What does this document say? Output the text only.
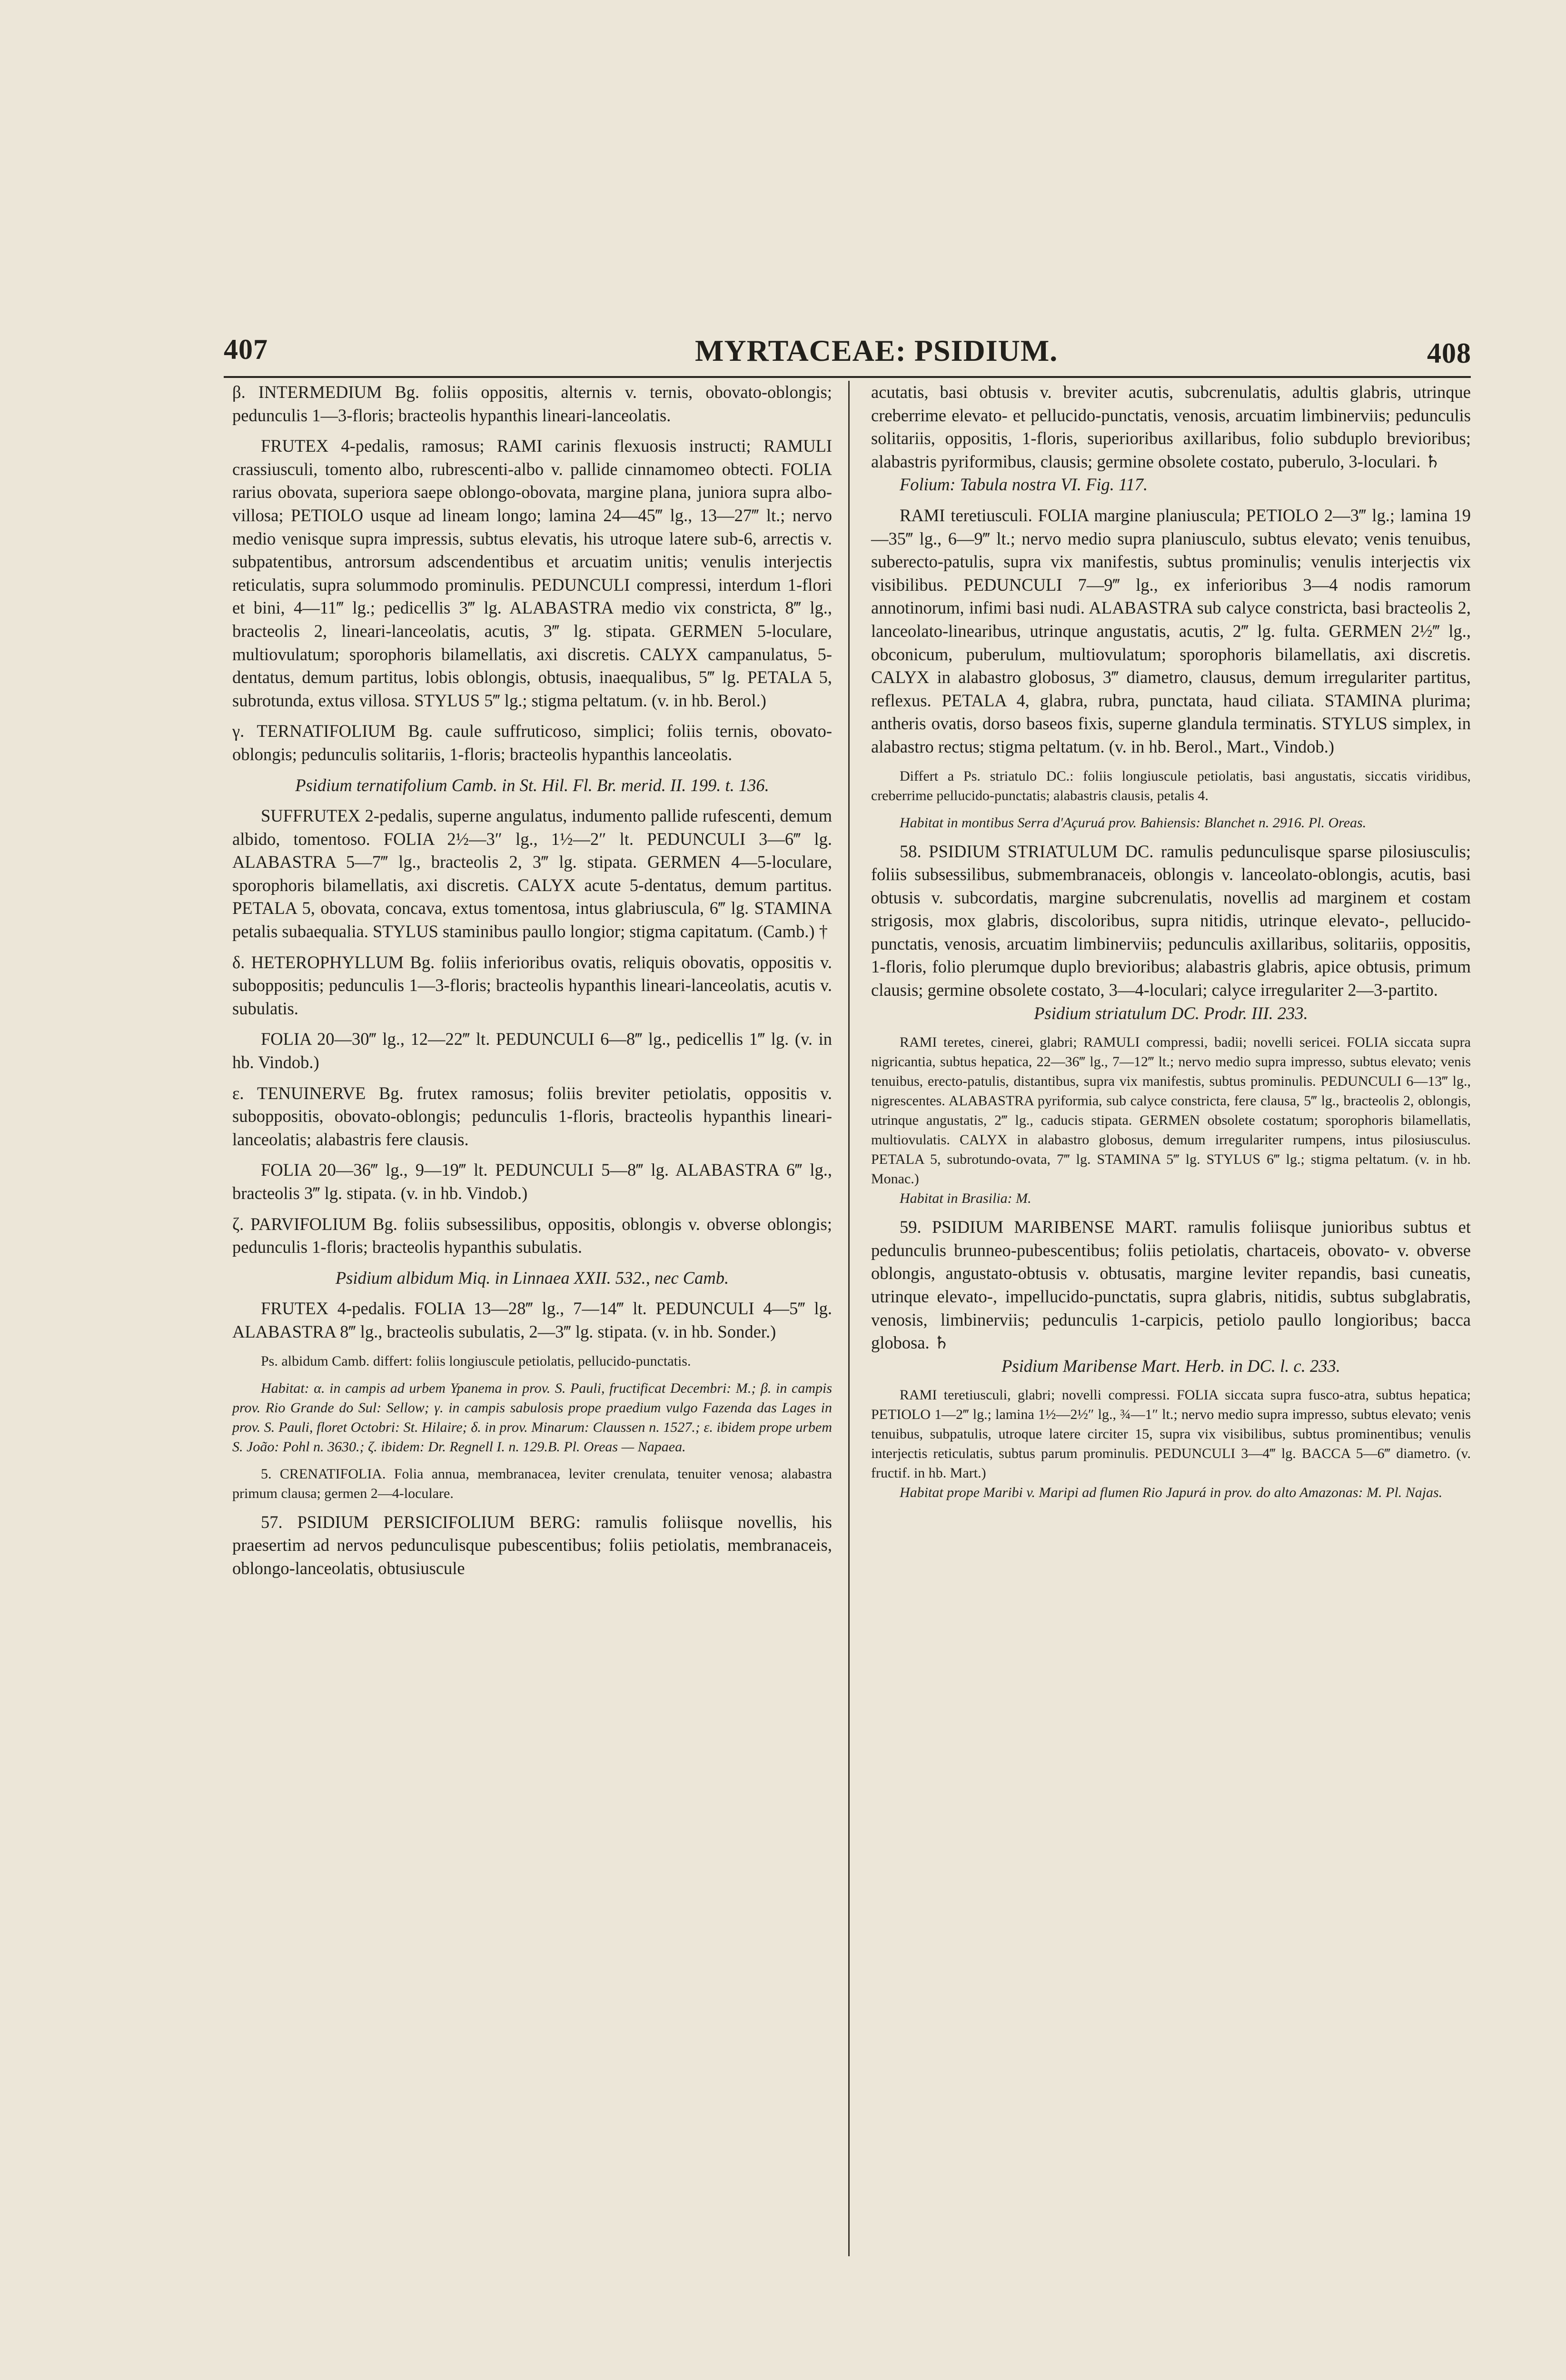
407	MYRTACEAE: PSIDIUM.	408

β. INTERMEDIUM Bg. foliis oppositis, alternis v. ternis, obovato-oblongis; pedunculis 1—3-floris; bracteolis hypanthis lineari-lanceolatis.

FRUTEX 4-pedalis, ramosus; RAMI carinis flexuosis instructi; RAMULI crassiusculi, tomento albo, rubrescenti-albo v. pallide cinnamomeo obtecti. FOLIA rarius obovata, superiora saepe oblongo-obovata, margine plana, juniora supra albo-villosa; PETIOLO usque ad lineam longo; lamina 24—45‴ lg., 13—27‴ lt.; nervo medio venisque supra impressis, subtus elevatis, his utroque latere sub-6, arrectis v. subpatentibus, antrorsum adscendentibus et arcuatim unitis; venulis interjectis reticulatis, supra solummodo prominulis. PEDUNCULI compressi, interdum 1-flori et bini, 4—11‴ lg.; pedicellis 3‴ lg. ALABASTRA medio vix constricta, 8‴ lg., bracteolis 2, lineari-lanceolatis, acutis, 3‴ lg. stipata. GERMEN 5-loculare, multiovulatum; sporophoris bilamellatis, axi discretis. CALYX campanulatus, 5-dentatus, demum partitus, lobis oblongis, obtusis, inaequalibus, 5‴ lg. PETALA 5, subrotunda, extus villosa. STYLUS 5‴ lg.; stigma peltatum. (v. in hb. Berol.)

γ. TERNATIFOLIUM Bg. caule suffruticoso, simplici; foliis ternis, obovato-oblongis; pedunculis solitariis, 1-floris; bracteolis hypanthis lanceolatis.

Psidium ternatifolium Camb. in St. Hil. Fl. Br. merid. II. 199. t. 136.

SUFFRUTEX 2-pedalis, superne angulatus, indumento pallide rufescenti, demum albido, tomentoso. FOLIA 2½—3″ lg., 1½—2″ lt. PEDUNCULI 3—6‴ lg. ALABASTRA 5—7‴ lg., bracteolis 2, 3‴ lg. stipata. GERMEN 4—5-loculare, sporophoris bilamellatis, axi discretis. CALYX acute 5-dentatus, demum partitus. PETALA 5, obovata, concava, extus tomentosa, intus glabriuscula, 6‴ lg. STAMINA petalis subaequalia. STYLUS staminibus paullo longior; stigma capitatum. (Camb.) †

δ. HETEROPHYLLUM Bg. foliis inferioribus ovatis, reliquis obovatis, oppositis v. suboppositis; pedunculis 1—3-floris; bracteolis hypanthis lineari-lanceolatis, acutis v. subulatis.

FOLIA 20—30‴ lg., 12—22‴ lt. PEDUNCULI 6—8‴ lg., pedicellis 1‴ lg. (v. in hb. Vindob.)

ε. TENUINERVE Bg. frutex ramosus; foliis breviter petiolatis, oppositis v. suboppositis, obovato-oblongis; pedunculis 1-floris, bracteolis hypanthis lineari-lanceolatis; alabastris fere clausis.

FOLIA 20—36‴ lg., 9—19‴ lt. PEDUNCULI 5—8‴ lg. ALABASTRA 6‴ lg., bracteolis 3‴ lg. stipata. (v. in hb. Vindob.)

ζ. PARVIFOLIUM Bg. foliis subsessilibus, oppositis, oblongis v. obverse oblongis; pedunculis 1-floris; bracteolis hypanthis subulatis.

Psidium albidum Miq. in Linnaea XXII. 532., nec Camb.

FRUTEX 4-pedalis. FOLIA 13—28‴ lg., 7—14‴ lt. PEDUNCULI 4—5‴ lg. ALABASTRA 8‴ lg., bracteolis subulatis, 2—3‴ lg. stipata. (v. in hb. Sonder.)

Ps. albidum Camb. differt: foliis longiuscule petiolatis, pellucido-punctatis.

Habitat: α. in campis ad urbem Ypanema in prov. S. Pauli, fructificat Decembri: M.; β. in campis prov. Rio Grande do Sul: Sellow; γ. in campis sabulosis prope praedium vulgo Fazenda das Lages in prov. S. Pauli, floret Octobri: St. Hilaire; δ. in prov. Minarum: Claussen n. 1527.; ε. ibidem prope urbem S. João: Pohl n. 3630.; ζ. ibidem: Dr. Regnell I. n. 129.B. Pl. Oreas — Napaea.

5. CRENATIFOLIA. Folia annua, membranacea, leviter crenulata, tenuiter venosa; alabastra primum clausa; germen 2—4-loculare.

57. PSIDIUM PERSICIFOLIUM BERG: ramulis foliisque novellis, his praesertim ad nervos pedunculisque pubescentibus; foliis petiolatis, membranaceis, oblongo-lanceolatis, obtusiuscule

acutatis, basi obtusis v. breviter acutis, subcrenulatis, adultis glabris, utrinque creberrime elevato- et pellucido-punctatis, venosis, arcuatim limbinerviis; pedunculis solitariis, oppositis, 1-floris, superioribus axillaribus, folio subduplo brevioribus; alabastris pyriformibus, clausis; germine obsolete costato, puberulo, 3-loculari. ♄

Folium: Tabula nostra VI. Fig. 117.

RAMI teretiusculi. FOLIA margine planiuscula; PETIOLO 2—3‴ lg.; lamina 19—35‴ lg., 6—9‴ lt.; nervo medio supra planiusculo, subtus elevato; venis tenuibus, suberecto-patulis, supra vix manifestis, subtus prominulis; venulis interjectis vix visibilibus. PEDUNCULI 7—9‴ lg., ex inferioribus 3—4 nodis ramorum annotinorum, infimi basi nudi. ALABASTRA sub calyce constricta, basi bracteolis 2, lanceolato-linearibus, utrinque angustatis, acutis, 2‴ lg. fulta. GERMEN 2½‴ lg., obconicum, puberulum, multiovulatum; sporophoris bilamellatis, axi discretis. CALYX in alabastro globosus, 3‴ diametro, clausus, demum irregulariter partitus, reflexus. PETALA 4, glabra, rubra, punctata, haud ciliata. STAMINA plurima; antheris ovatis, dorso baseos fixis, superne glandula terminatis. STYLUS simplex, in alabastro rectus; stigma peltatum. (v. in hb. Berol., Mart., Vindob.)

Differt a Ps. striatulo DC.: foliis longiuscule petiolatis, basi angustatis, siccatis viridibus, creberrime pellucido-punctatis; alabastris clausis, petalis 4.

Habitat in montibus Serra d'Açuruá prov. Bahiensis: Blanchet n. 2916. Pl. Oreas.

58. PSIDIUM STRIATULUM DC. ramulis pedunculisque sparse pilosiusculis; foliis subsessilibus, submembranaceis, oblongis v. lanceolato-oblongis, acutis, basi obtusis v. subcordatis, margine subcrenulatis, novellis ad marginem et costam strigosis, mox glabris, discoloribus, supra nitidis, utrinque elevato-, pellucido-punctatis, venosis, arcuatim limbinerviis; pedunculis axillaribus, solitariis, oppositis, 1-floris, folio plerumque duplo brevioribus; alabastris glabris, apice obtusis, primum clausis; germine obsolete costato, 3—4-loculari; calyce irregulariter 2—3-partito.

Psidium striatulum DC. Prodr. III. 233.

RAMI teretes, cinerei, glabri; RAMULI compressi, badii; novelli sericei. FOLIA siccata supra nigricantia, subtus hepatica, 22—36‴ lg., 7—12‴ lt.; nervo medio supra impresso, subtus elevato; venis tenuibus, erecto-patulis, distantibus, supra vix manifestis, subtus prominulis. PEDUNCULI 6—13‴ lg., nigrescentes. ALABASTRA pyriformia, sub calyce constricta, fere clausa, 5‴ lg., bracteolis 2, oblongis, utrinque angustatis, 2‴ lg., caducis stipata. GERMEN obsolete costatum; sporophoris bilamellatis, multiovulatis. CALYX in alabastro globosus, demum irregulariter rumpens, intus pilosiusculus. PETALA 5, subrotundo-ovata, 7‴ lg. STAMINA 5‴ lg. STYLUS 6‴ lg.; stigma peltatum. (v. in hb. Monac.)

Habitat in Brasilia: M.

59. PSIDIUM MARIBENSE MART. ramulis foliisque junioribus subtus et pedunculis brunneo-pubescentibus; foliis petiolatis, chartaceis, obovato- v. obverse oblongis, angustato-obtusis v. obtusatis, margine leviter repandis, basi cuneatis, utrinque elevato-, impellucido-punctatis, supra glabris, nitidis, subtus subglabratis, venosis, limbinerviis; pedunculis 1-carpicis, petiolo paullo longioribus; bacca globosa. ♄

Psidium Maribense Mart. Herb. in DC. l. c. 233.

RAMI teretiusculi, glabri; novelli compressi. FOLIA siccata supra fusco-atra, subtus hepatica; PETIOLO 1—2‴ lg.; lamina 1½—2½″ lg., ¾—1″ lt.; nervo medio supra impresso, subtus elevato; venis tenuibus, subpatulis, utroque latere circiter 15, supra vix visibilibus, subtus prominentibus; venulis interjectis reticulatis, subtus parum prominulis. PEDUNCULI 3—4‴ lg. BACCA 5—6‴ diametro. (v. fructif. in hb. Mart.)

Habitat prope Maribi v. Maripi ad flumen Rio Japurá in prov. do alto Amazonas: M. Pl. Najas.
